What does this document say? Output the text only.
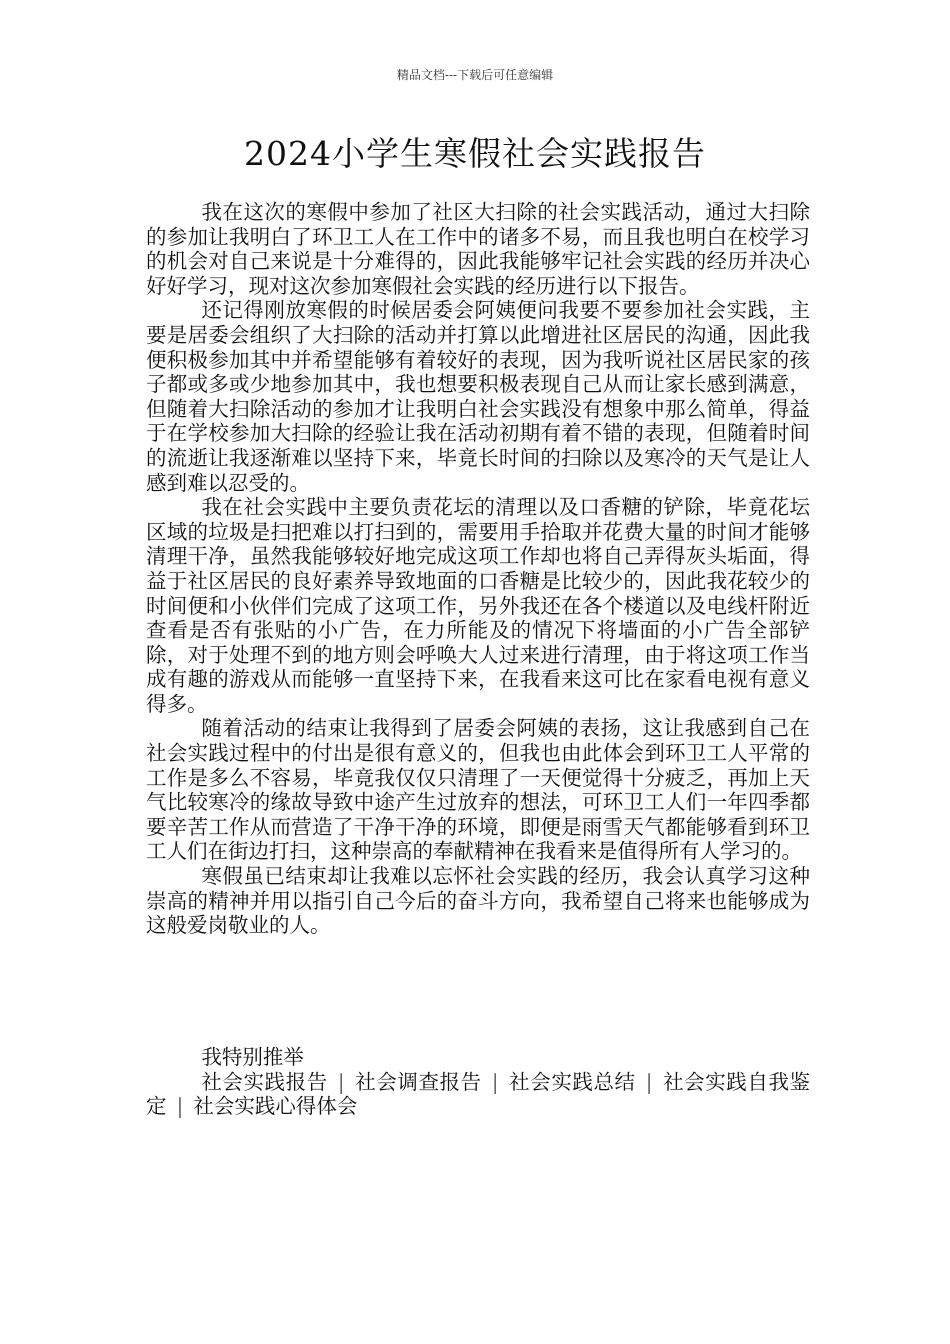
精品文档---下载后可任意编辑
2024小学生寒假社会实践报告

我在这次的寒假中参加了社区大扫除的社会实践活动，通过大扫除的参加让我明白了环卫工人在工作中的诸多不易，而且我也明白在校学习的机会对自己来说是十分难得的，因此我能够牢记社会实践的经历并决心好好学习，现对这次参加寒假社会实践的经历进行以下报告。

还记得刚放寒假的时候居委会阿姨便问我要不要参加社会实践，主要是居委会组织了大扫除的活动并打算以此增进社区居民的沟通，因此我便积极参加其中并希望能够有着较好的表现，因为我听说社区居民家的孩子都或多或少地参加其中，我也想要积极表现自己从而让家长感到满意，但随着大扫除活动的参加才让我明白社会实践没有想象中那么简单，得益于在学校参加大扫除的经验让我在活动初期有着不错的表现，但随着时间的流逝让我逐渐难以坚持下来，毕竟长时间的扫除以及寒冷的天气是让人感到难以忍受的。

我在社会实践中主要负责花坛的清理以及口香糖的铲除，毕竟花坛区域的垃圾是扫把难以打扫到的，需要用手拾取并花费大量的时间才能够清理干净，虽然我能够较好地完成这项工作却也将自己弄得灰头垢面，得益于社区居民的良好素养导致地面的口香糖是比较少的，因此我花较少的时间便和小伙伴们完成了这项工作，另外我还在各个楼道以及电线杆附近查看是否有张贴的小广告，在力所能及的情况下将墙面的小广告全部铲除，对于处理不到的地方则会呼唤大人过来进行清理，由于将这项工作当成有趣的游戏从而能够一直坚持下来，在我看来这可比在家看电视有意义得多。

随着活动的结束让我得到了居委会阿姨的表扬，这让我感到自己在社会实践过程中的付出是很有意义的，但我也由此体会到环卫工人平常的工作是多么不容易，毕竟我仅仅只清理了一天便觉得十分疲乏，再加上天气比较寒冷的缘故导致中途产生过放弃的想法，可环卫工人们一年四季都要辛苦工作从而营造了干净干净的环境，即便是雨雪天气都能够看到环卫工人们在街边打扫，这种崇高的奉献精神在我看来是值得所有人学习的。

寒假虽已结束却让我难以忘怀社会实践的经历，我会认真学习这种崇高的精神并用以指引自己今后的奋斗方向，我希望自己将来也能够成为这般爱岗敬业的人。

我特别推举

社会实践报告 | 社会调查报告 | 社会实践总结 | 社会实践自我鉴定 | 社会实践心得体会
